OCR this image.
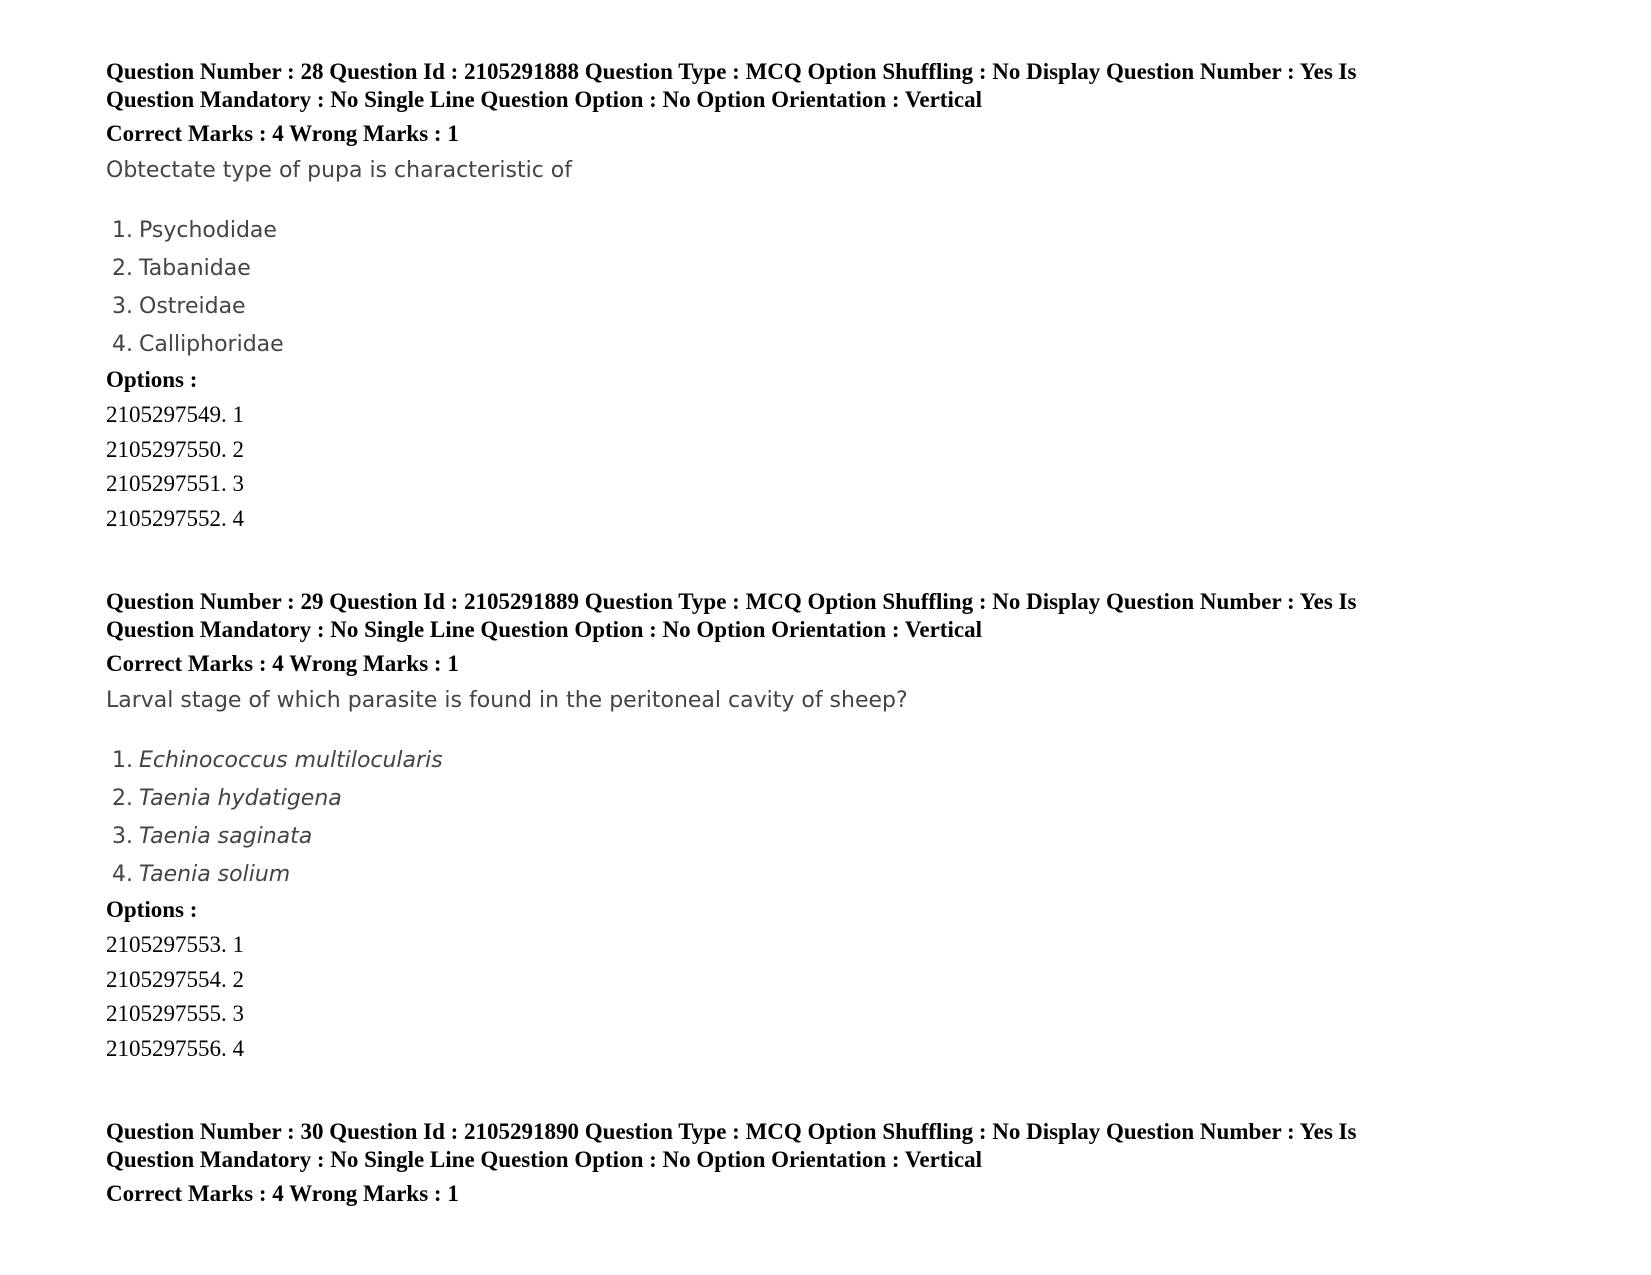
Question Number : 28 Question Id : 2105291888 Question Type : MCQ Option Shuffling : No Display Question Number : Yes Is
Question Mandatory : No Single Line Question Option : No Option Orientation : Vertical
Correct Marks : 4 Wrong Marks : 1
Obtectate type of pupa is characteristic of
1. Psychodidae
2. Tabanidae
3. Ostreidae
4. Calliphoridae
Options :
2105297549. 1
2105297550. 2
2105297551. 3
2105297552. 4
Question Number : 29 Question Id : 2105291889 Question Type : MCQ Option Shuffling : No Display Question Number : Yes Is
Question Mandatory : No Single Line Question Option : No Option Orientation : Vertical
Correct Marks : 4 Wrong Marks : 1
Larval stage of which parasite is found in the peritoneal cavity of sheep?
1. Echinococcus multilocularis
2. Taenia hydatigena
3. Taenia saginata
4. Taenia solium
Options :
2105297553. 1
2105297554. 2
2105297555. 3
2105297556. 4
Question Number : 30 Question Id : 2105291890 Question Type : MCQ Option Shuffling : No Display Question Number : Yes Is
Question Mandatory : No Single Line Question Option : No Option Orientation : Vertical
Correct Marks : 4 Wrong Marks : 1
